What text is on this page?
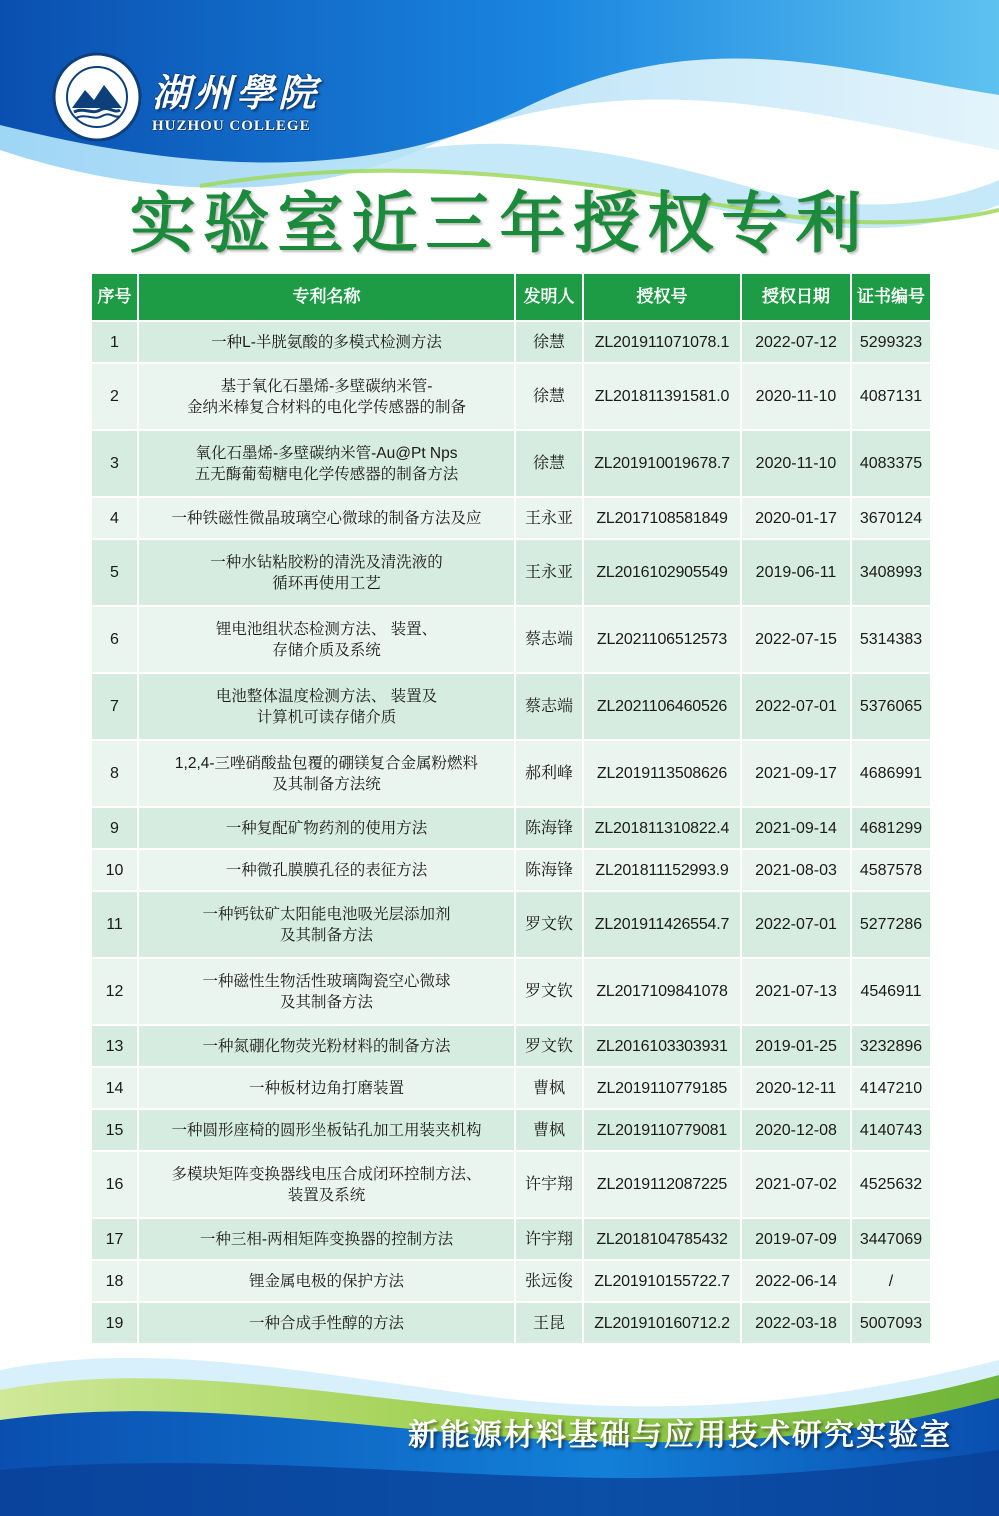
湖州學院
HUZHOU COLLEGE
实验室近三年授权专利
序号	专利名称	发明人	授权号	授权日期	证书编号
1	一种L-半胱氨酸的多模式检测方法	徐慧	ZL201911071078.1	2022-07-12	5299323
2	基于氧化石墨烯-多壁碳纳米管-
金纳米棒复合材料的电化学传感器的制备	徐慧	ZL201811391581.0	2020-11-10	4087131
3	氧化石墨烯-多壁碳纳米管-Au@Pt Nps
五无酶葡萄糖电化学传感器的制备方法	徐慧	ZL201910019678.7	2020-11-10	4083375
4	一种铁磁性微晶玻璃空心微球的制备方法及应	王永亚	ZL2017108581849	2020-01-17	3670124
5	一种水钻粘胶粉的清洗及清洗液的
循环再使用工艺	王永亚	ZL2016102905549	2019-06-11	3408993
6	锂电池组状态检测方法、 装置、
存储介质及系统	蔡志端	ZL2021106512573	2022-07-15	5314383
7	电池整体温度检测方法、 装置及
计算机可读存储介质	蔡志端	ZL2021106460526	2022-07-01	5376065
8	1,2,4-三唑硝酸盐包覆的硼镁复合金属粉燃料
及其制备方法统	郝利峰	ZL2019113508626	2021-09-17	4686991
9	一种复配矿物药剂的使用方法	陈海锋	ZL201811310822.4	2021-09-14	4681299
10	一种微孔膜膜孔径的表征方法	陈海锋	ZL201811152993.9	2021-08-03	4587578
11	一种钙钛矿太阳能电池吸光层添加剂
及其制备方法	罗文钦	ZL201911426554.7	2022-07-01	5277286
12	一种磁性生物活性玻璃陶瓷空心微球
及其制备方法	罗文钦	ZL2017109841078	2021-07-13	4546911
13	一种氮硼化物荧光粉材料的制备方法	罗文钦	ZL2016103303931	2019-01-25	3232896
14	一种板材边角打磨装置	曹枫	ZL2019110779185	2020-12-11	4147210
15	一种圆形座椅的圆形坐板钻孔加工用装夹机构	曹枫	ZL2019110779081	2020-12-08	4140743
16	多模块矩阵变换器线电压合成闭环控制方法、
装置及系统	许宇翔	ZL2019112087225	2021-07-02	4525632
17	一种三相-两相矩阵变换器的控制方法	许宇翔	ZL2018104785432	2019-07-09	3447069
18	锂金属电极的保护方法	张远俊	ZL201910155722.7	2022-06-14	/
19	一种合成手性醇的方法	王昆	ZL201910160712.2	2022-03-18	5007093
新能源材料基础与应用技术研究实验室
